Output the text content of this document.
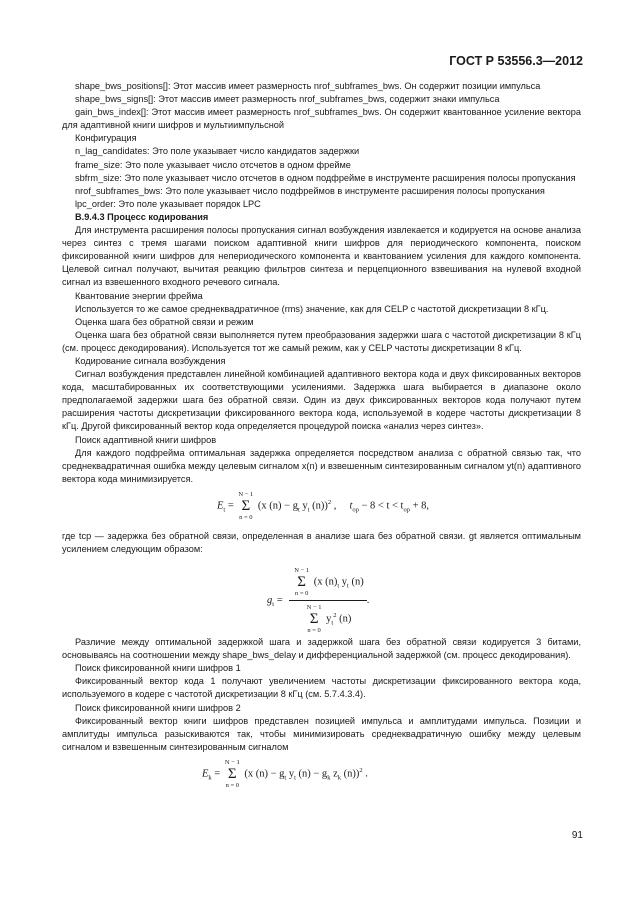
ГОСТ Р 53556.3—2012

shape_bws_positions[]: Этот массив имеет размерность nrof_subframes_bws. Он содержит позиции импульса

shape_bws_signs[]: Этот массив имеет размерность nrof_subframes_bws, содержит знаки импульса

gain_bws_index[]: Этот массив имеет размерность nrof_subframes_bws. Он содержит квантованное усиление вектора для адаптивной книги шифров и мультиимпульсной

Конфигурация

n_lag_candidates: Это поле указывает число кандидатов задержки

frame_size: Это поле указывает число отсчетов в одном фрейме

sbfrm_size: Это поле указывает число отсчетов в одном подфрейме в инструменте расширения полосы пропускания

nrof_subframes_bws: Это поле указывает число подфреймов в инструменте расширения полосы пропускания

lpc_order: Это поле указывает порядок LPC

В.9.4.3 Процесс кодирования

Для инструмента расширения полосы пропускания сигнал возбуждения извлекается и кодируется на основе анализа через синтез с тремя шагами поиском адаптивной книги шифров для периодического компонента, поиском фиксированной книги шифров для непериодического компонента и квантованием усиления для каждого компонента. Целевой сигнал получают, вычитая реакцию фильтров синтеза и перцепционного взвешивания на нулевой входной сигнал из взвешенного входного речевого сигнала.

Квантование энергии фрейма

Используется то же самое среднеквадратичное (rms) значение, как для CELP с частотой дискретизации 8 кГц.

Оценка шага без обратной связи и режим

Оценка шага без обратной связи выполняется путем преобразования задержки шага с частотой дискретизации 8 кГц (см. процесс декодирования). Используется тот же самый режим, как у CELP частоты дискретизации 8 кГц.

Кодирование сигнала возбуждения

Сигнал возбуждения представлен линейной комбинацией адаптивного вектора кода и двух фиксированных векторов кода, масштабированных их соответствующими усилениями. Задержка шага выбирается в диапазоне около предполагаемой задержки шага без обратной связи. Один из двух фиксированных векторов кода получают путем расширения частоты дискретизации фиксированного вектора кода, используемой в кодере частоты дискретизации 8 кГц. Другой фиксированный вектор кода определяется процедурой поиска «анализ через синтез».

Поиск адаптивной книги шифров

Для каждого подфрейма оптимальная задержка определяется посредством анализа с обратной связью так, что среднеквадратичная ошибка между целевым сигналом x(n) и взвешенным синтезированным сигналом yt(n) адаптивного вектора кода минимизируется.

$E_t$ =
N − 1
Σ
n = 0
(x $(n) - g_t$ $y_t$ (n))$^2$ ,     $t_{op} - 8 < t < t_{op} + 8$,

где tcp — задержка без обратной связи, определенная в анализе шага без обратной связи. gt является оптимальным усилением следующим образом:

$g_t = N - 1$
Σ
n = 0
(x $(n)_t$ $y_t$ (n)
N − 1
Σ
n = 0
$y_t^2$ (n) .

Различие между оптимальной задержкой шага и задержкой шага без обратной связи кодируется 3 битами, основываясь на соотношении между shape_bws_delay и дифференциальной задержкой (см. процесс декодирования).

Поиск фиксированной книги шифров 1

Фиксированный вектор кода 1 получают увеличением частоты дискретизации фиксированного вектора кода, используемого в кодере с частотой дискретизации 8 кГц (см. 5.7.4.3.4).

Поиск фиксированной книги шифров 2

Фиксированный вектор книги шифров представлен позицией импульса и амплитудами импульса. Позиции и амплитуды импульса разыскиваются так, чтобы минимизировать среднеквадратичную ошибку между целевым сигналом и взвешенным синтезированным сигналом

$E_k$ =
N − 1
Σ
n = 0
(x $(n) - g_t$ $y_t$ $(n) - g_k$ $z_k$ (n))$^2$ .
91
